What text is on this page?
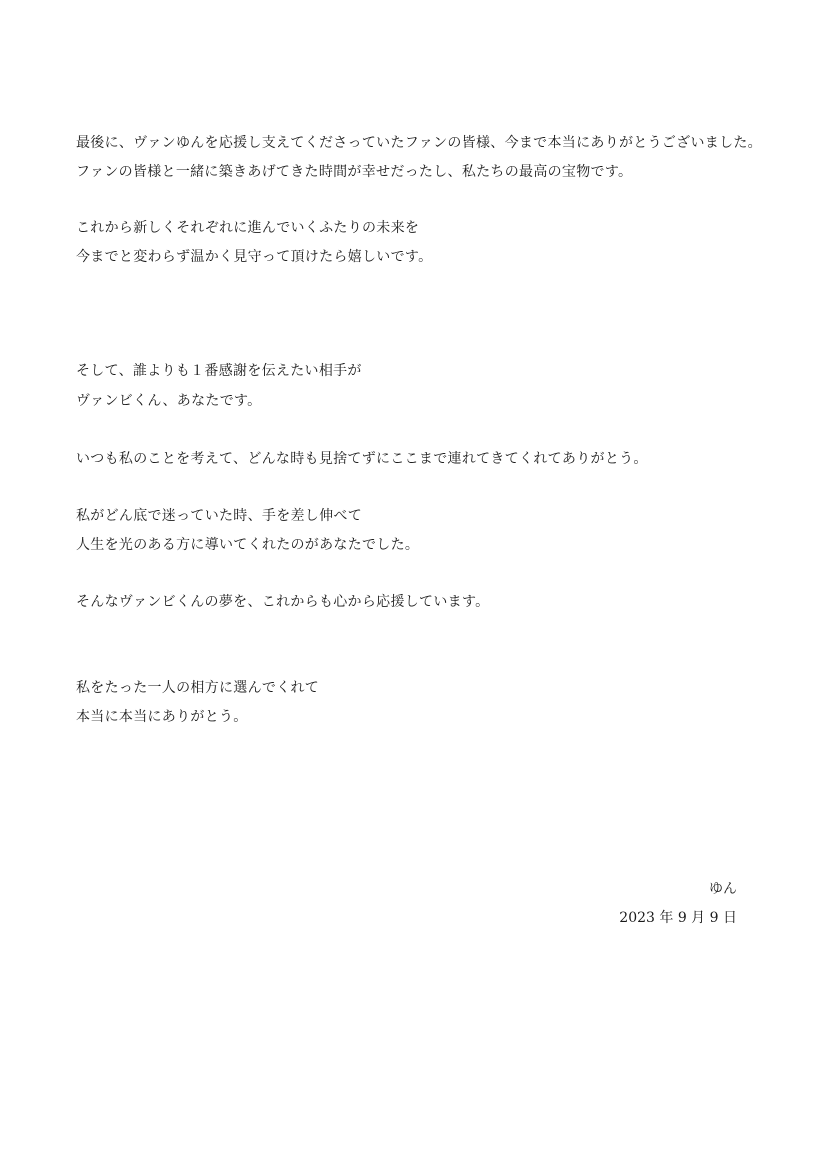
最後に、ヴァンゆんを応援し支えてくださっていたファンの皆様、今まで本当にありがとうございました。
ファンの皆様と一緒に築きあげてきた時間が幸せだったし、私たちの最高の宝物です。
これから新しくそれぞれに進んでいくふたりの未来を
今までと変わらず温かく見守って頂けたら嬉しいです。
そして、誰よりも１番感謝を伝えたい相手が
ヴァンビくん、あなたです。
いつも私のことを考えて、どんな時も見捨てずにここまで連れてきてくれてありがとう。
私がどん底で迷っていた時、手を差し伸べて
人生を光のある方に導いてくれたのがあなたでした。
そんなヴァンビくんの夢を、これからも心から応援しています。
私をたった一人の相方に選んでくれて
本当に本当にありがとう。
ゆん
2023 年 9 月 9 日
